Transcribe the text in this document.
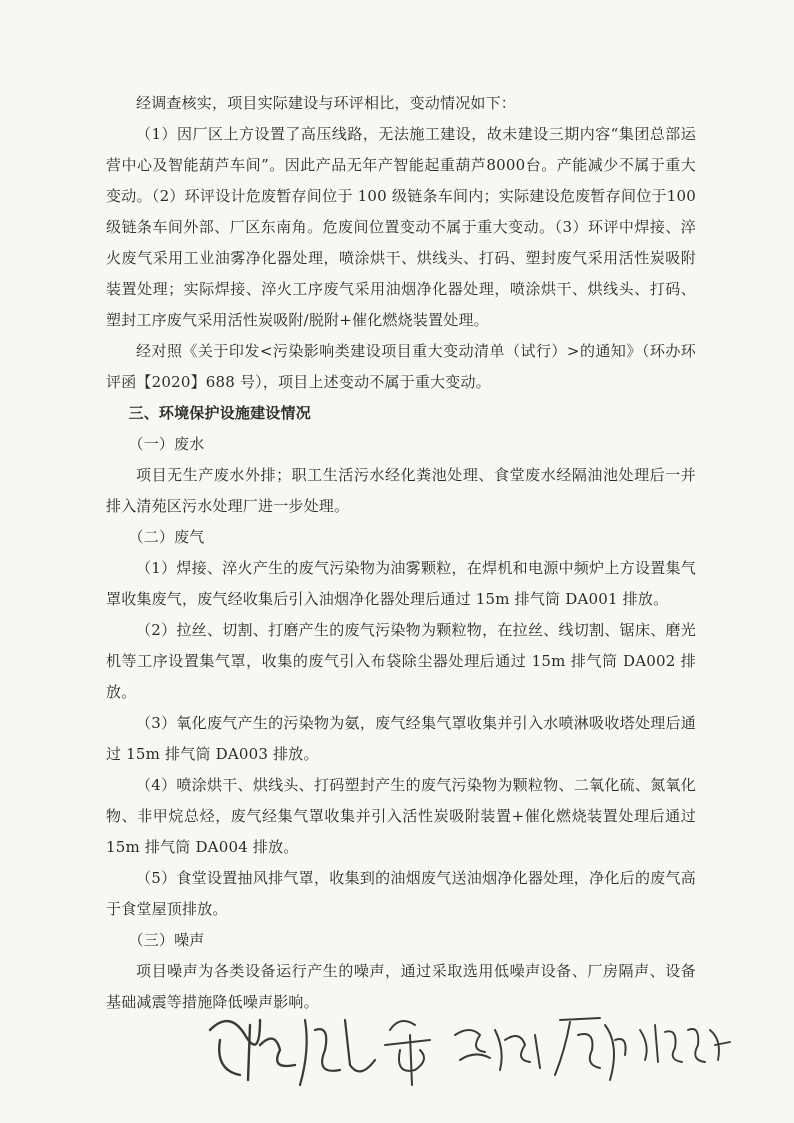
经调查核实，项目实际建设与环评相比，变动情况如下：

（1）因厂区上方设置了高压线路，无法施工建设，故未建设三期内容“集团总部运营中心及智能葫芦车间”。因此产品无年产智能起重葫芦8000台。产能减少不属于重大变动。（2）环评设计危废暂存间位于 100 级链条车间内；实际建设危废暂存间位于100级链条车间外部、厂区东南角。危废间位置变动不属于重大变动。（3）环评中焊接、淬火废气采用工业油雾净化器处理，喷涂烘干、烘线头、打码、塑封废气采用活性炭吸附装置处理；实际焊接、淬火工序废气采用油烟净化器处理，喷涂烘干、烘线头、打码、塑封工序废气采用活性炭吸附/脱附+催化燃烧装置处理。

经对照《关于印发<污染影响类建设项目重大变动清单（试行）>的通知》（环办环评函【2020】688 号），项目上述变动不属于重大变动。

三、环境保护设施建设情况

（一）废水

项目无生产废水外排；职工生活污水经化粪池处理、食堂废水经隔油池处理后一并排入清苑区污水处理厂进一步处理。

（二）废气

（1）焊接、淬火产生的废气污染物为油雾颗粒，在焊机和电源中频炉上方设置集气罩收集废气，废气经收集后引入油烟净化器处理后通过 15m 排气筒 DA001 排放。

（2）拉丝、切割、打磨产生的废气污染物为颗粒物，在拉丝、线切割、锯床、磨光机等工序设置集气罩，收集的废气引入布袋除尘器处理后通过 15m 排气筒 DA002 排放。

（3）氧化废气产生的污染物为氨，废气经集气罩收集并引入水喷淋吸收塔处理后通过 15m 排气筒 DA003 排放。

（4）喷涂烘干、烘线头、打码塑封产生的废气污染物为颗粒物、二氧化硫、氮氧化物、非甲烷总烃，废气经集气罩收集并引入活性炭吸附装置+催化燃烧装置处理后通过 15m 排气筒 DA004 排放。

（5）食堂设置抽风排气罩，收集到的油烟废气送油烟净化器处理，净化后的废气高于食堂屋顶排放。

（三）噪声

项目噪声为各类设备运行产生的噪声，通过采取选用低噪声设备、厂房隔声、设备基础减震等措施降低噪声影响。
